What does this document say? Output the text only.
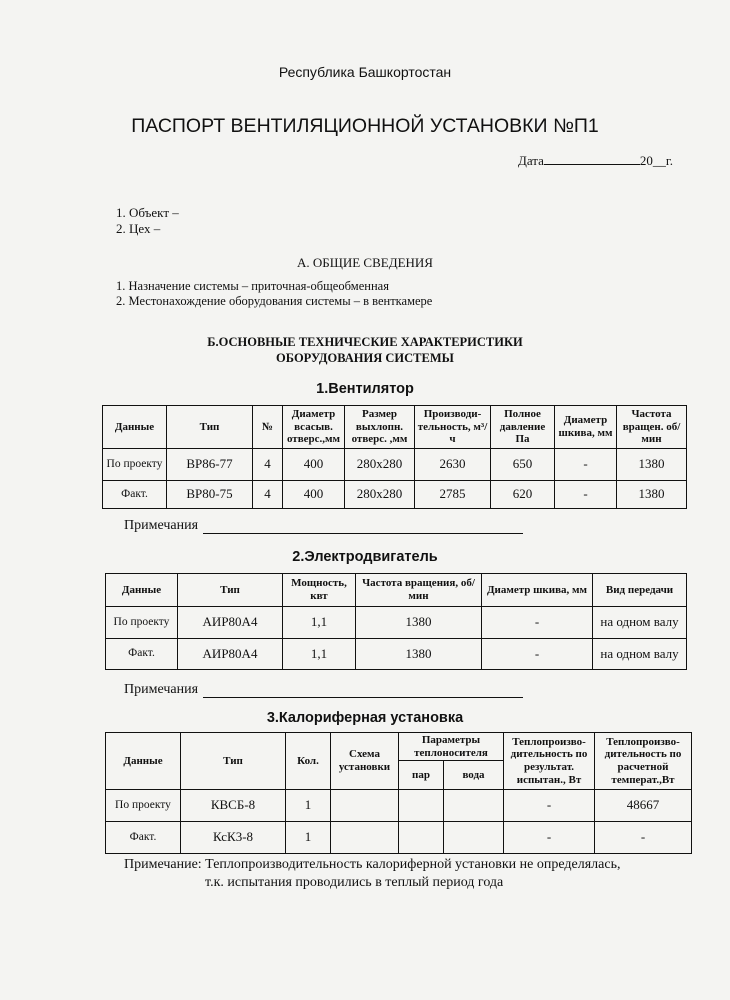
Республика Башкортостан
ПАСПОРТ ВЕНТИЛЯЦИОННОЙ УСТАНОВКИ №П1
Дата	20__г.
1. Объект –
2. Цех –
А. ОБЩИЕ СВЕДЕНИЯ
1. Назначение системы – приточная-общеобменная
2. Местонахождение оборудования системы – в венткамере
Б.ОСНОВНЫЕ ТЕХНИЧЕСКИЕ ХАРАКТЕРИСТИКИ
ОБОРУДОВАНИЯ СИСТЕМЫ
1.Вентилятор
Данные	Тип	№	Диаметр всасыв. отверс.,мм	Размер выхлопн. отверс. ,мм	Производи-тельность, м³/ч	Полное давление Па	Диаметр шкива, мм	Частота вращен. об/мин
По проекту	ВР86-77	4	400	280х280	2630	650	-	1380
Факт.	ВР80-75	4	400	280х280	2785	620	-	1380
Примечания
2.Электродвигатель
Данные	Тип	Мощность, квт	Частота вращения, об/мин	Диаметр шкива, мм	Вид передачи
По проекту	АИР80А4	1,1	1380	-	на одном валу
Факт.	АИР80А4	1,1	1380	-	на одном валу
Примечания
3.Калориферная установка
Данные	Тип	Кол.	Схема установки	Параметры теплоносителя		Теплопроизво-дительность по результат. испытан., Вт	Теплопроизво-дительность по расчетной температ.,Вт
				пар	вода		
По проекту	КВСБ-8	1				-	48667
Факт.	КсК3-8	1				-	-
Примечание: Теплопроизводительность калориферной установки не определялась,
т.к. испытания проводились в теплый период года
